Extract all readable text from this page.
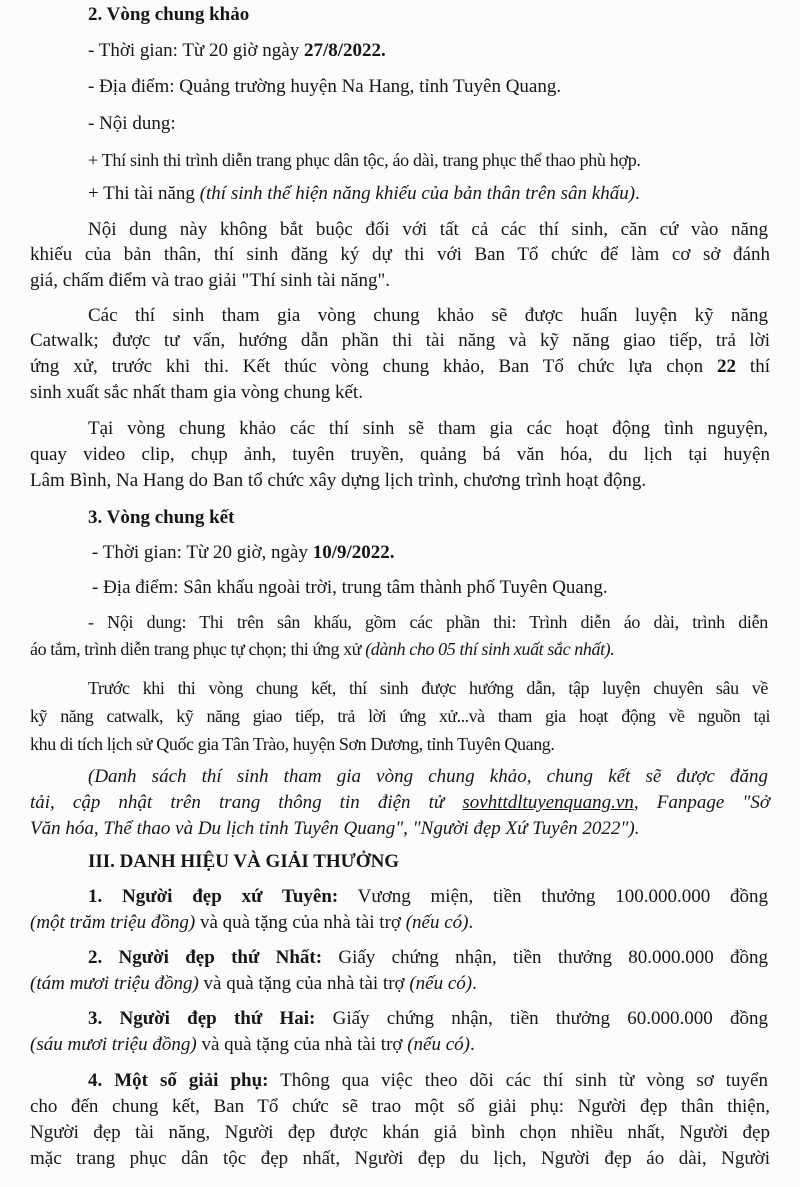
2. Vòng chung khảo
- Thời gian: Từ 20 giờ ngày 27/8/2022.
- Địa điểm: Quảng trường huyện Na Hang, tỉnh Tuyên Quang.
- Nội dung:
+ Thí sinh thi trình diễn trang phục dân tộc, áo dài, trang phục thể thao phù hợp.
+ Thi tài năng (thí sinh thể hiện năng khiếu của bản thân trên sân khấu).
Nội dung này không bắt buộc đối với tất cả các thí sinh, căn cứ vào năng
khiếu của bản thân, thí sinh đăng ký dự thi với Ban Tổ chức để làm cơ sở đánh
giá, chấm điểm và trao giải "Thí sinh tài năng".
Các thí sinh tham gia vòng chung khảo sẽ được huấn luyện kỹ năng
Catwalk; được tư vấn, hướng dẫn phần thi tài năng và kỹ năng giao tiếp, trả lời
ứng xử, trước khi thi. Kết thúc vòng chung khảo, Ban Tổ chức lựa chọn 22 thí
sinh xuất sắc nhất tham gia vòng chung kết.
Tại vòng chung khảo các thí sinh sẽ tham gia các hoạt động tình nguyện,
quay video clip, chụp ảnh, tuyên truyền, quảng bá văn hóa, du lịch tại huyện
Lâm Bình, Na Hang do Ban tổ chức xây dựng lịch trình, chương trình hoạt động.
3. Vòng chung kết
- Thời gian: Từ 20 giờ, ngày 10/9/2022.
- Địa điểm: Sân khấu ngoài trời, trung tâm thành phố Tuyên Quang.
- Nội dung: Thi trên sân khấu, gồm các phần thi: Trình diễn áo dài, trình diễn
áo tắm, trình diễn trang phục tự chọn; thi ứng xử (dành cho 05 thí sinh xuất sắc nhất).
Trước khi thi vòng chung kết, thí sinh được hướng dẫn, tập luyện chuyên sâu về
kỹ năng catwalk, kỹ năng giao tiếp, trả lời ứng xử...và tham gia hoạt động về nguồn tại
khu di tích lịch sử Quốc gia Tân Trào, huyện Sơn Dương, tỉnh Tuyên Quang.
(Danh sách thí sinh tham gia vòng chung khảo, chung kết sẽ được đăng
tải, cập nhật trên trang thông tin điện tử sovhttdltuyenquang.vn, Fanpage "Sở
Văn hóa, Thể thao và Du lịch tỉnh Tuyên Quang", "Người đẹp Xứ Tuyên 2022").
III. DANH HIỆU VÀ GIẢI THƯỞNG
1. Người đẹp xứ Tuyên: Vương miện, tiền thưởng 100.000.000 đồng
(một trăm triệu đồng) và quà tặng của nhà tài trợ (nếu có).
2. Người đẹp thứ Nhất: Giấy chứng nhận, tiền thưởng 80.000.000 đồng
(tám mươi triệu đồng) và quà tặng của nhà tài trợ (nếu có).
3. Người đẹp thứ Hai: Giấy chứng nhận, tiền thưởng 60.000.000 đồng
(sáu mươi triệu đồng) và quà tặng của nhà tài trợ (nếu có).
4. Một số giải phụ: Thông qua việc theo dõi các thí sinh từ vòng sơ tuyển
cho đến chung kết, Ban Tổ chức sẽ trao một số giải phụ: Người đẹp thân thiện,
Người đẹp tài năng, Người đẹp được khán giả bình chọn nhiều nhất, Người đẹp
mặc trang phục dân tộc đẹp nhất, Người đẹp du lịch, Người đẹp áo dài, Người
